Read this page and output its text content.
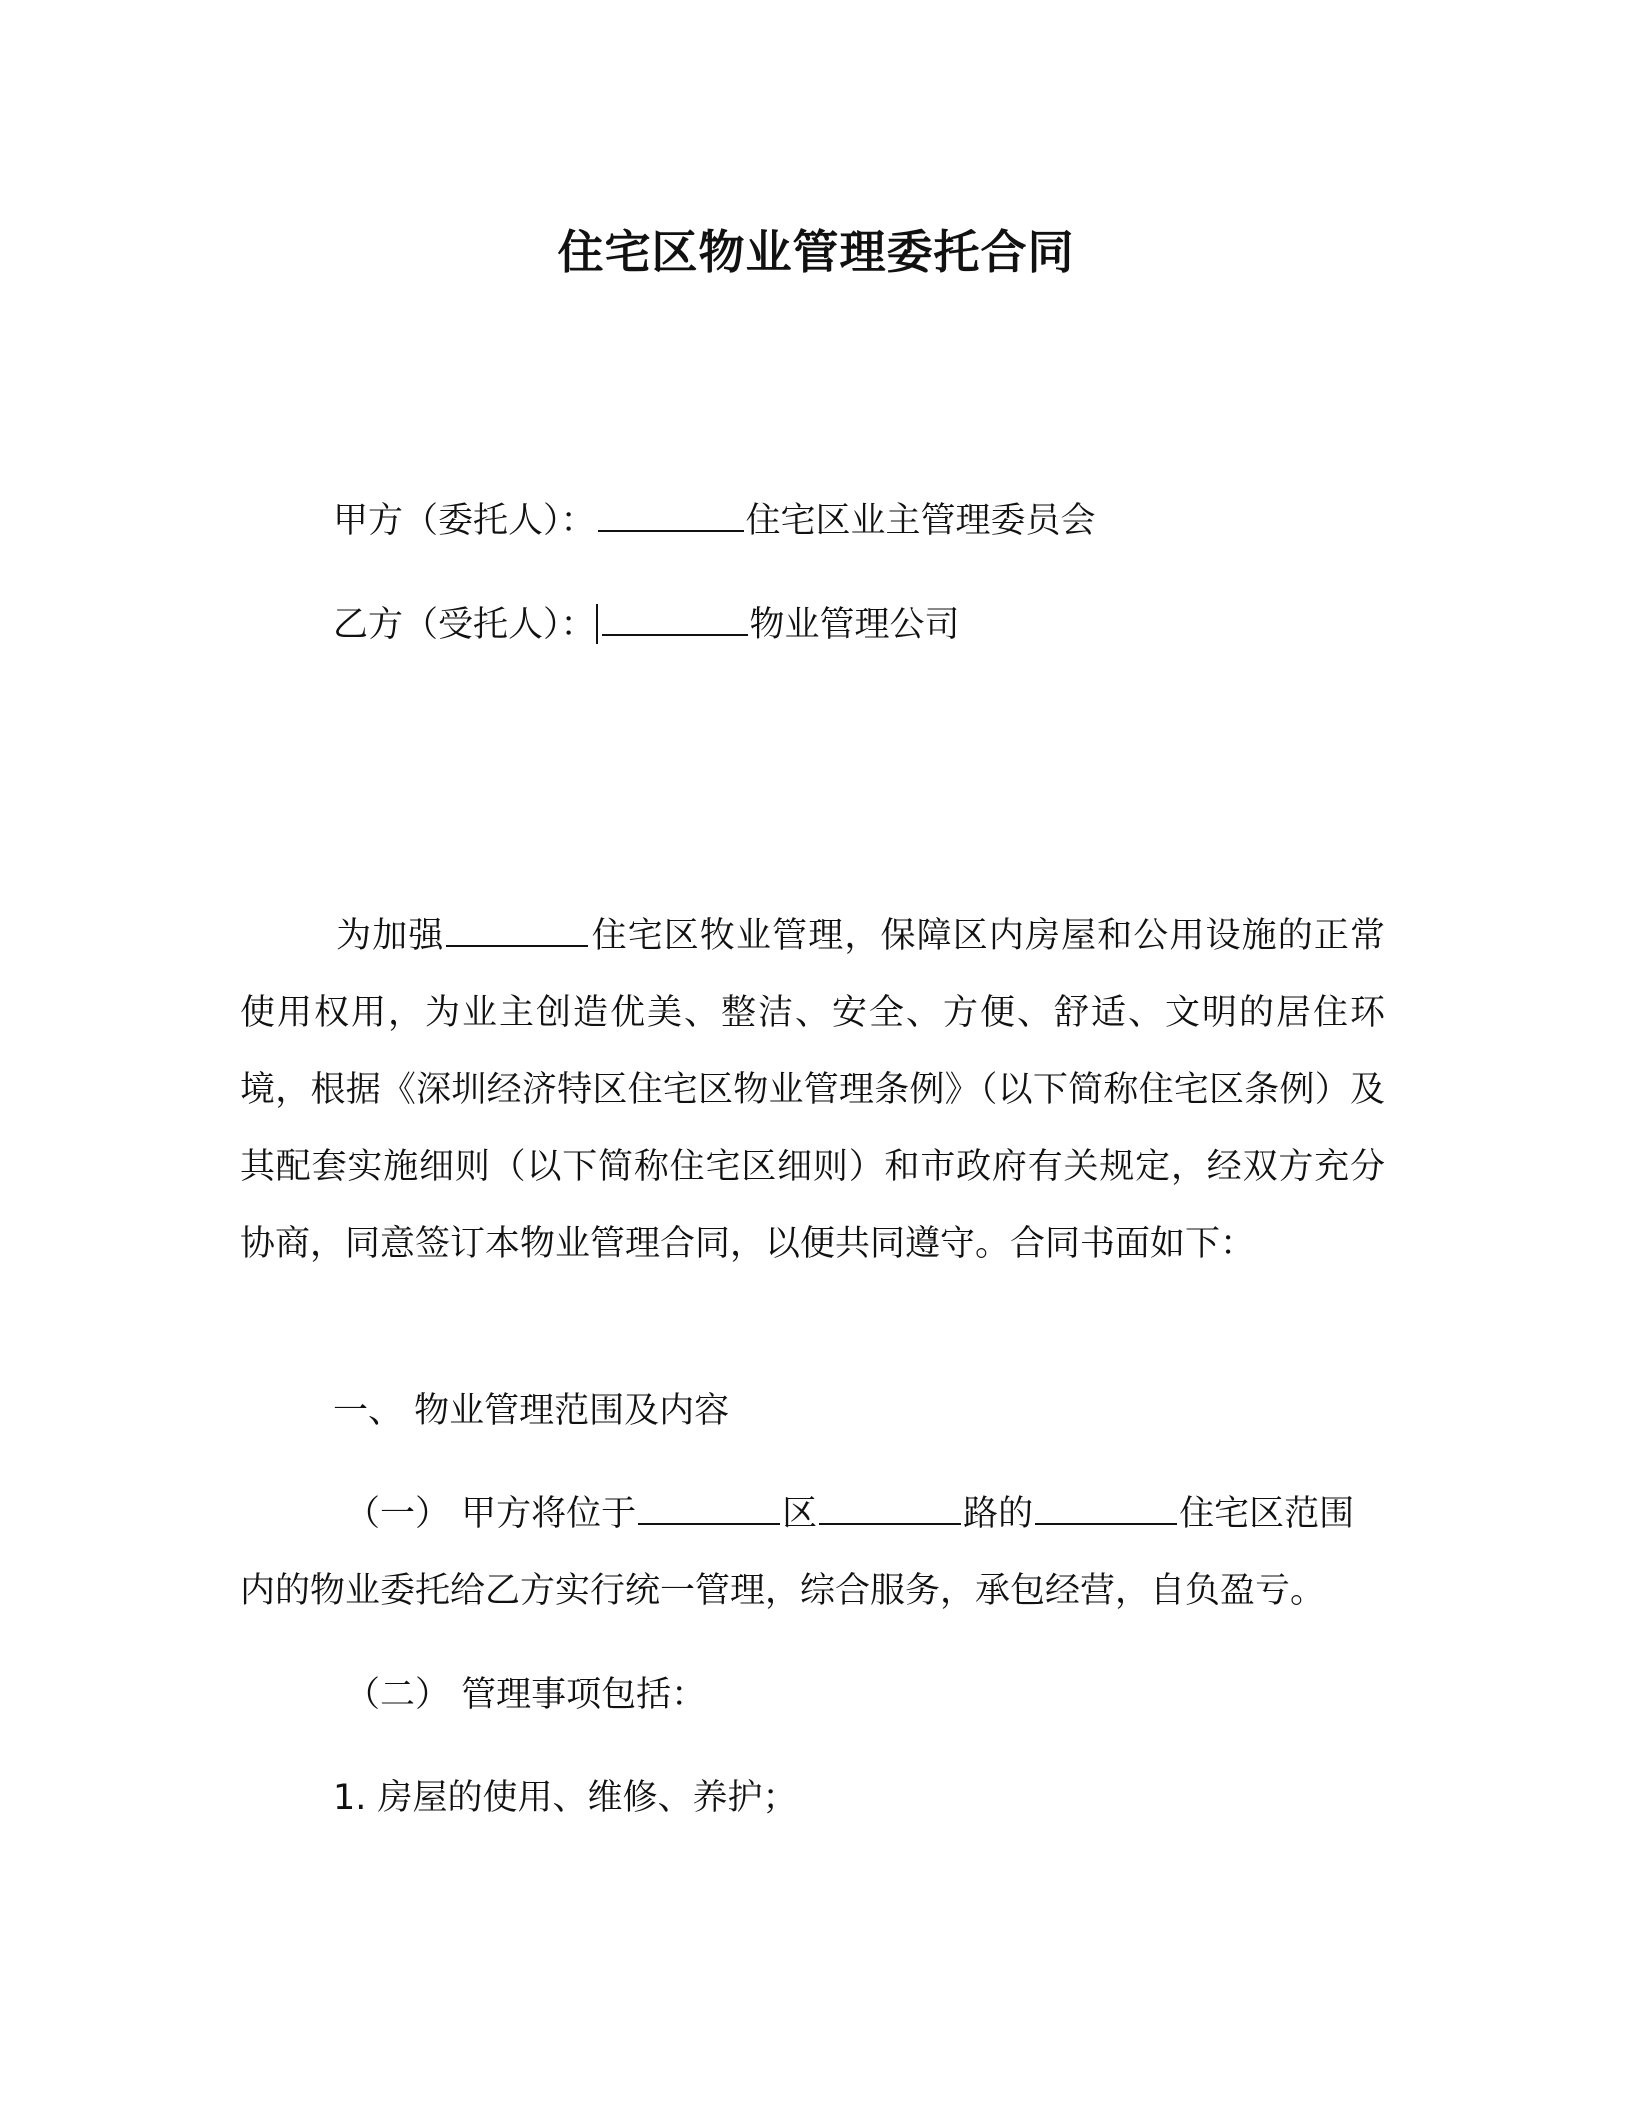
住宅区物业管理委托合同
甲方（委托人）：	住宅区业主管理委员会
乙方（受托人）：	物业管理公司
为加强	住宅区牧业管理，保障区内房屋和公用设施的正常使用权用，为业主创造优美、整洁、安全、方便、舒适、文明的居住环境，根据《深圳经济特区住宅区物业管理条例》（以下简称住宅区条例）及其配套实施细则（以下简称住宅区细则）和市政府有关规定，经双方充分协商，同意签订本物业管理合同，以便共同遵守。合同书面如下：
一、 物业管理范围及内容
（一） 甲方将位于	区	路的	住宅区范围
内的物业委托给乙方实行统一管理，综合服务，承包经营，自负盈亏。
（二） 管理事项包括：
1. 房屋的使用、维修、养护；
